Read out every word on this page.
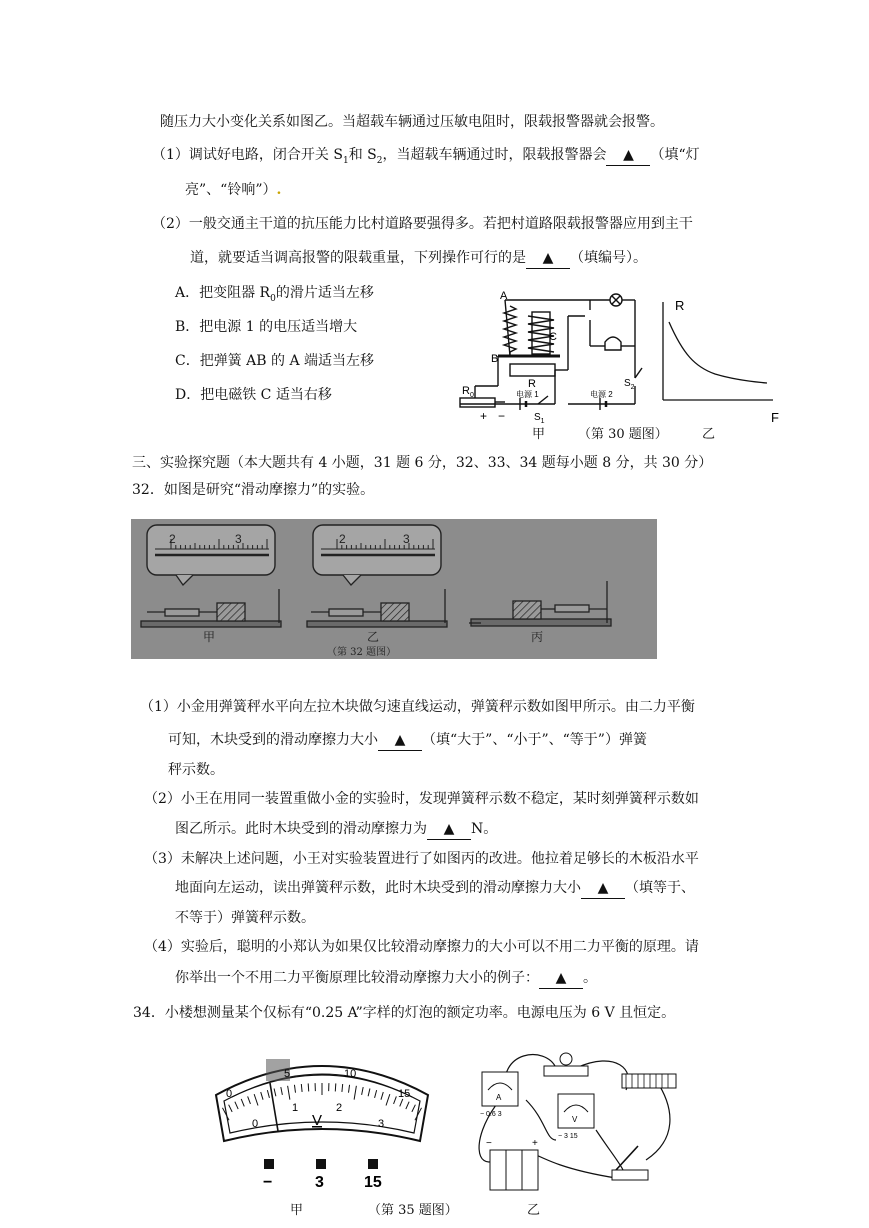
随压力大小变化关系如图乙。当超载车辆通过压敏电阻时，限载报警器就会报警。
（1）调试好电路，闭合开关 $S_1$和 $S_2$，当超载车辆通过时，限载报警器会 ▲ （填“灯
亮”、“铃响”）.
（2）一般交通主干道的抗压能力比村道路要强得多。若把村道路限载报警器应用到主干
道，就要适当调高报警的限载重量，下列操作可行的是 ▲ （填编号）。
A．把变阻器 $R_0$的滑片适当左移
B．把电源 1 的电压适当增大
C．把弹簧 AB 的 A 端适当左移
D．把电磁铁 C 适当右移
A
B
C
R
$R_0$
+ −
电源 1	电源 2
$S_1$
$S_2$
R
F
甲	（第 30 题图）	乙
三、实验探究题（本大题共有 4 小题，31 题 6 分，32、33、34 题每小题 8 分，共 30 分）
32．如图是研究“滑动摩擦力”的实验。
2	3	2	3
甲	乙	丙
（第 32 题图）
（1）小金用弹簧秤水平向左拉木块做匀速直线运动，弹簧秤示数如图甲所示。由二力平衡
可知，木块受到的滑动摩擦力大小 ▲ （填“大于”、“小于”、“等于”）弹簧
秤示数。
（2）小王在用同一装置重做小金的实验时，发现弹簧秤示数不稳定，某时刻弹簧秤示数如
图乙所示。此时木块受到的滑动摩擦力为 ▲ N。
（3）未解决上述问题，小王对实验装置进行了如图丙的改进。他拉着足够长的木板沿水平
地面向左运动，读出弹簧秤示数，此时木块受到的滑动摩擦力大小 ▲ （填等于、
不等于）弹簧秤示数。
（4）实验后，聪明的小郑认为如果仅比较滑动摩擦力的大小可以不用二力平衡的原理。请
你举出一个不用二力平衡原理比较滑动摩擦力大小的例子： ▲ 。
34．小楼想测量某个仅标有“0.25 A”字样的灯泡的额定功率。电源电压为 6 V 且恒定。
0
5	10
15
0
1	2
3
V
−	3	15
A
− 0.6 3
V
− 3 15
−	+
甲	（第 35 题图）	乙
